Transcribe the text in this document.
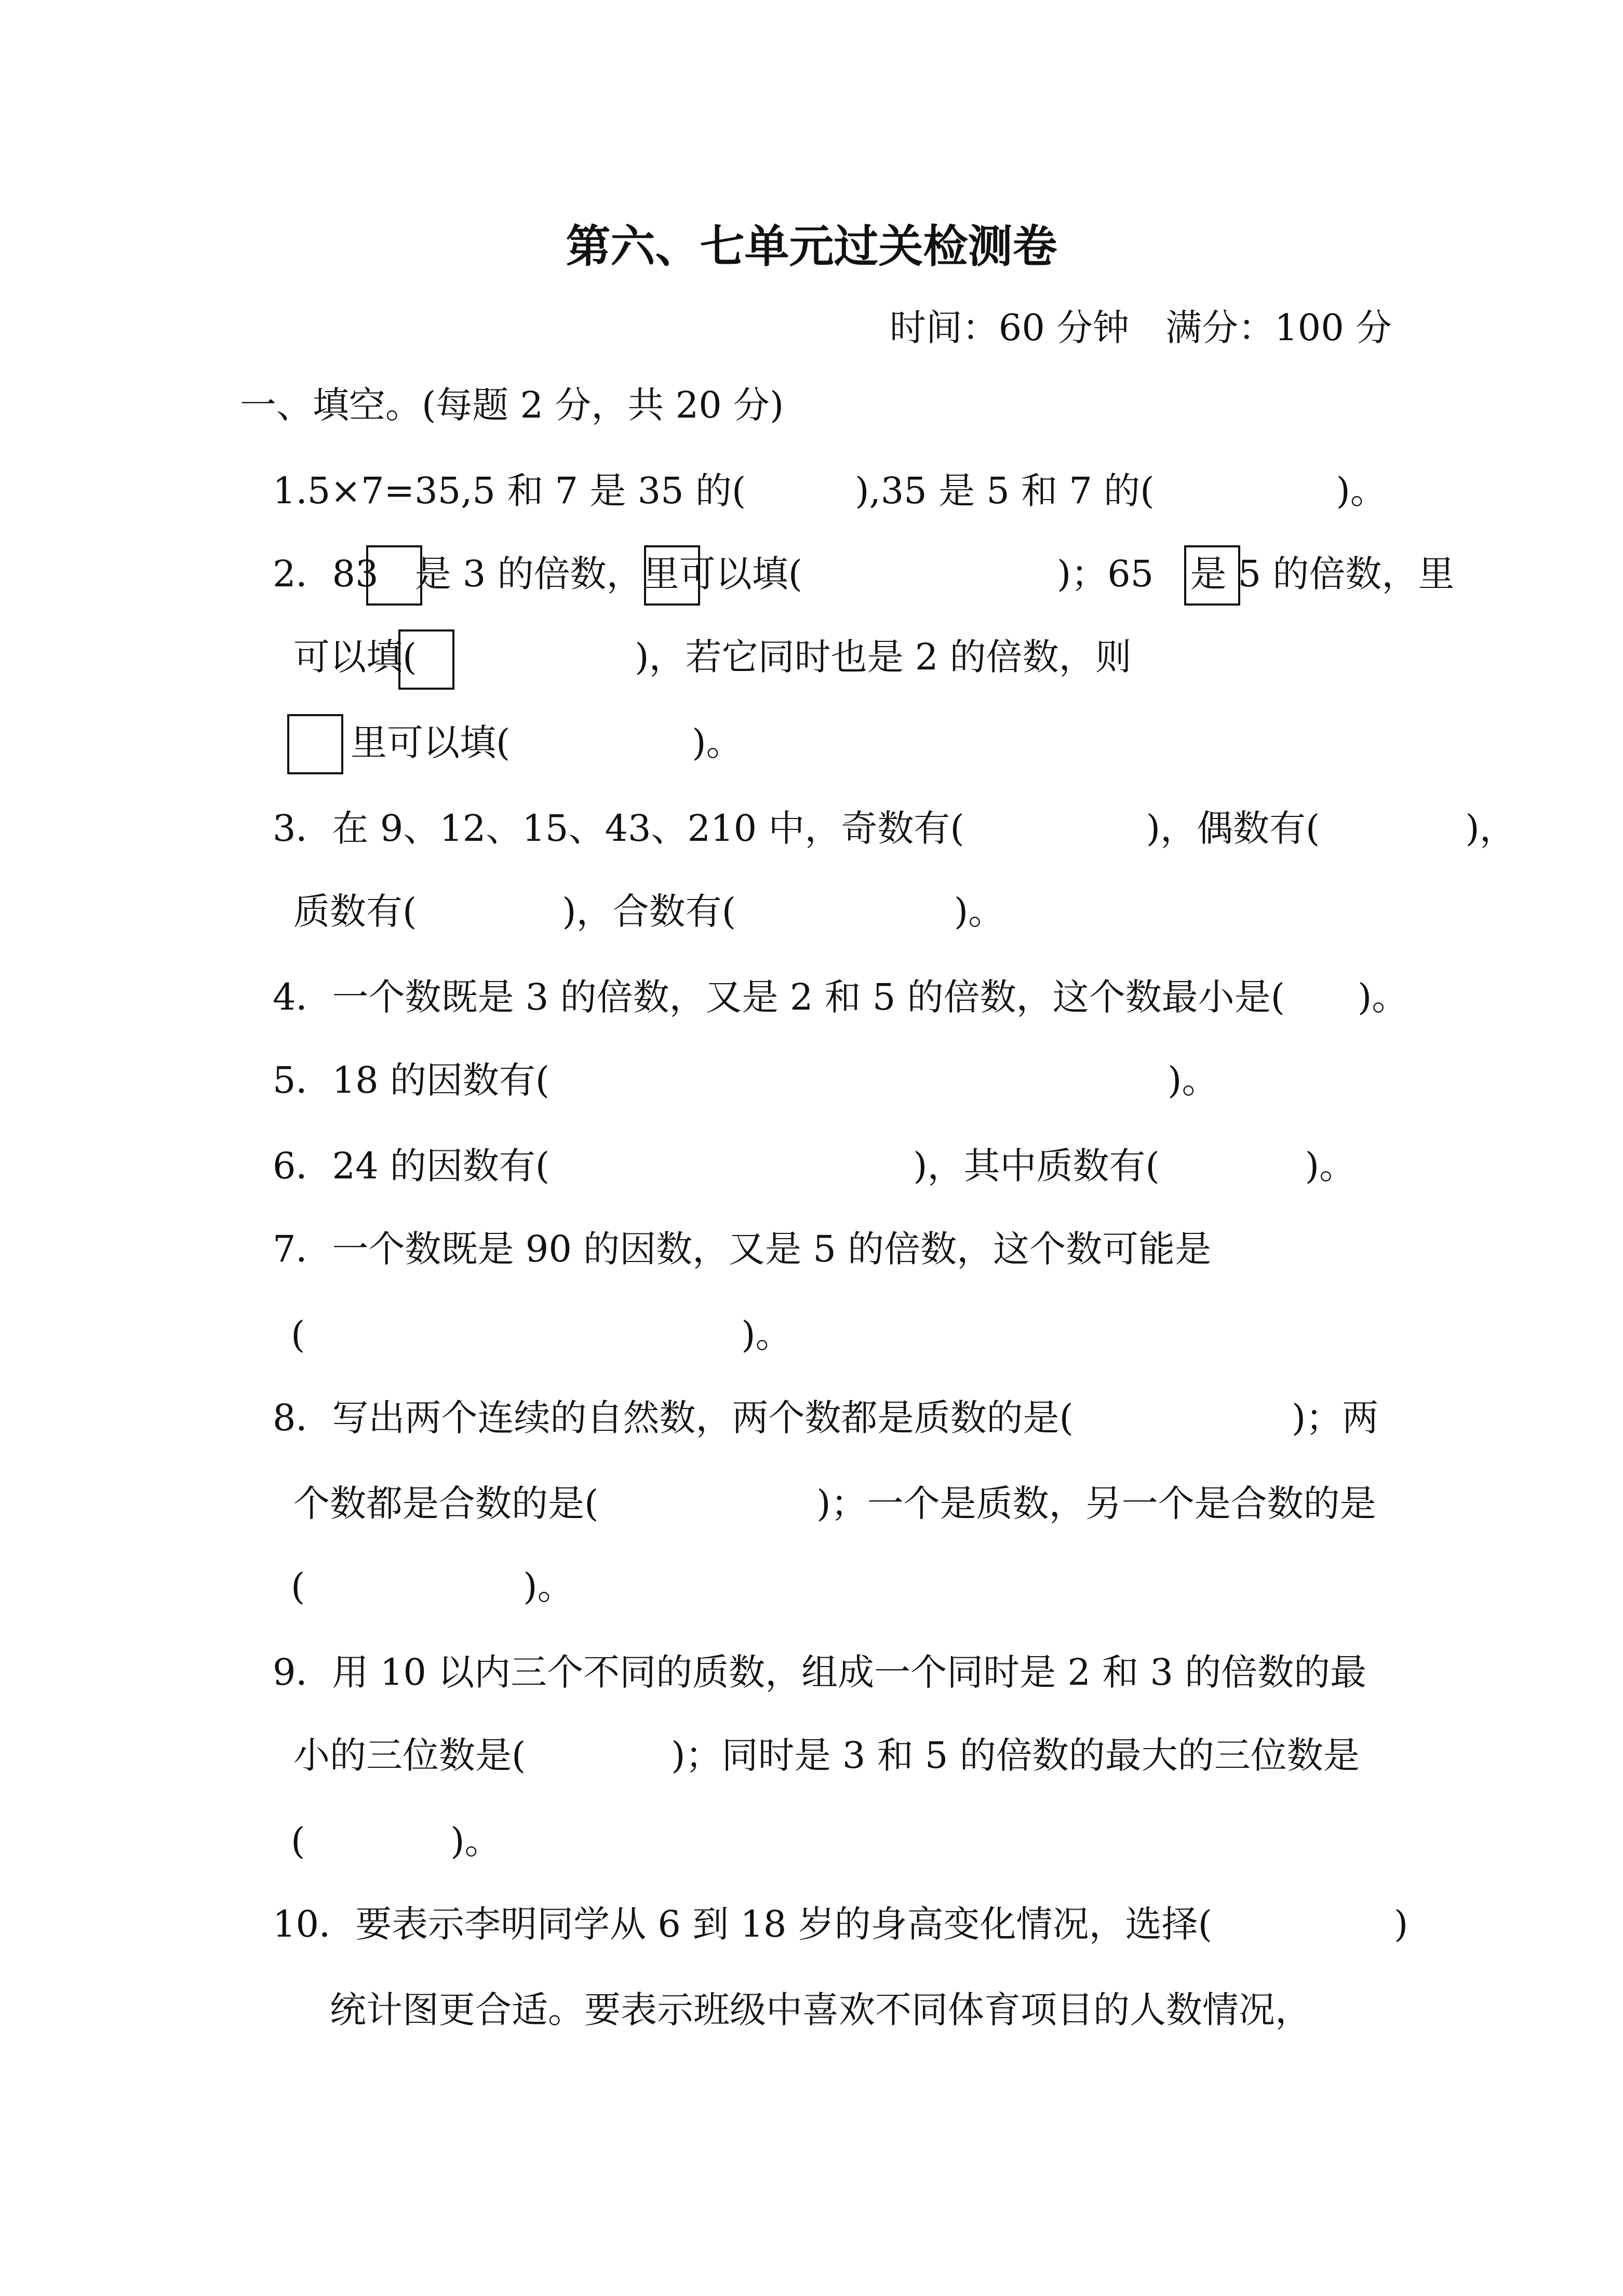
第六、七单元过关检测卷
时间：60 分钟　满分：100 分
一、填空。(每题 2 分，共 20 分)
1.5×7=35,5 和 7 是 35 的(　　　),35 是 5 和 7 的(　　　　　)。
2．83　是 3 的倍数，里可以填(　　　　　　　)；65　是 5 的倍数，里
可以填(　　　　　　)，若它同时也是 2 的倍数，则
里可以填(　　　　　)。
3．在 9、12、15、43、210 中，奇数有(　　　　　)，偶数有(　　　　)，
质数有(　　　　)，合数有(　　　　　　)。
4．一个数既是 3 的倍数，又是 2 和 5 的倍数，这个数最小是(　　)。
5．18 的因数有(　　　　　　　　　　　　　　　　　)。
6．24 的因数有(　　　　　　　　　　)，其中质数有(　　　　)。
7．一个数既是 90 的因数，又是 5 的倍数，这个数可能是
(　　　　　　　　　　　　)。
8．写出两个连续的自然数，两个数都是质数的是(　　　　　　)；两
个数都是合数的是(　　　　　　)；一个是质数，另一个是合数的是
(　　　　　　)。
9．用 10 以内三个不同的质数，组成一个同时是 2 和 3 的倍数的最
小的三位数是(　　　　)；同时是 3 和 5 的倍数的最大的三位数是
(　　　　)。
10．要表示李明同学从 6 到 18 岁的身高变化情况，选择(　　　　　)
统计图更合适。要表示班级中喜欢不同体育项目的人数情况，
